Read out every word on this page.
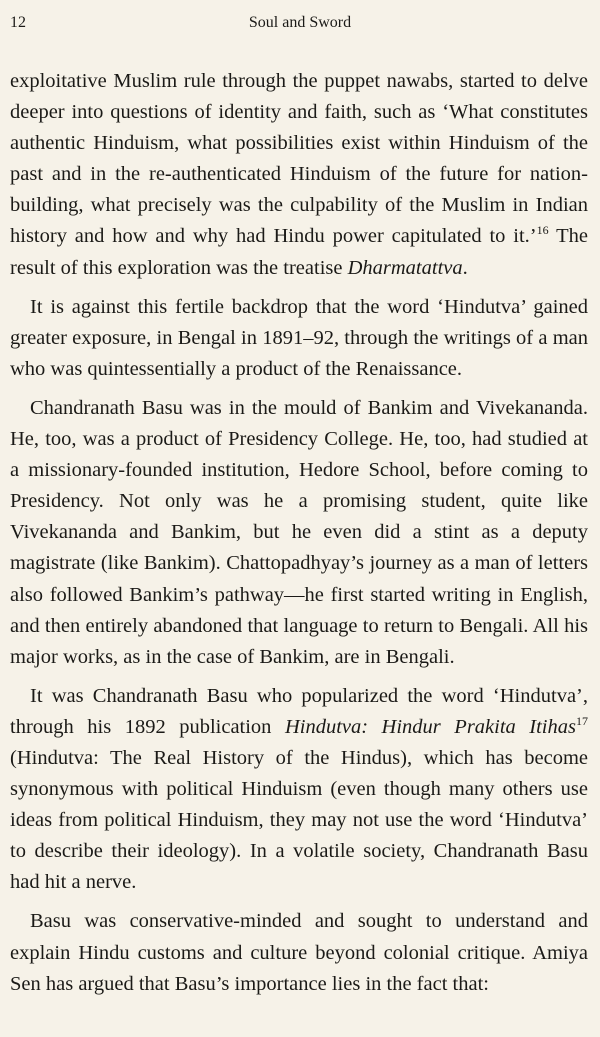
12	Soul and Sword

exploitative Muslim rule through the puppet nawabs, started to delve deeper into questions of identity and faith, such as ‘What constitutes authentic Hinduism, what possibilities exist within Hinduism of the past and in the re-authenticated Hinduism of the future for nation-building, what precisely was the culpability of the Muslim in Indian history and how and why had Hindu power capitulated to it.’$^{16}$ The result of this exploration was the treatise Dharmatattva.

It is against this fertile backdrop that the word ‘Hindutva’ gained greater exposure, in Bengal in 1891–92, through the writings of a man who was quintessentially a product of the Renaissance.

Chandranath Basu was in the mould of Bankim and Vivekananda. He, too, was a product of Presidency College. He, too, had studied at a missionary-founded institution, Hedore School, before coming to Presidency. Not only was he a promising student, quite like Vivekananda and Bankim, but he even did a stint as a deputy magistrate (like Bankim). Chattopadhyay’s journey as a man of letters also followed Bankim’s pathway—he first started writing in English, and then entirely abandoned that language to return to Bengali. All his major works, as in the case of Bankim, are in Bengali.

It was Chandranath Basu who popularized the word ‘Hindutva’, through his 1892 publication Hindutva: Hindur Prakita Itihas$^{17}$ (Hindutva: The Real History of the Hindus), which has become synonymous with political Hinduism (even though many others use ideas from political Hinduism, they may not use the word ‘Hindutva’ to describe their ideology). In a volatile society, Chandranath Basu had hit a nerve.

Basu was conservative-minded and sought to understand and explain Hindu customs and culture beyond colonial critique. Amiya Sen has argued that Basu’s importance lies in the fact that:
